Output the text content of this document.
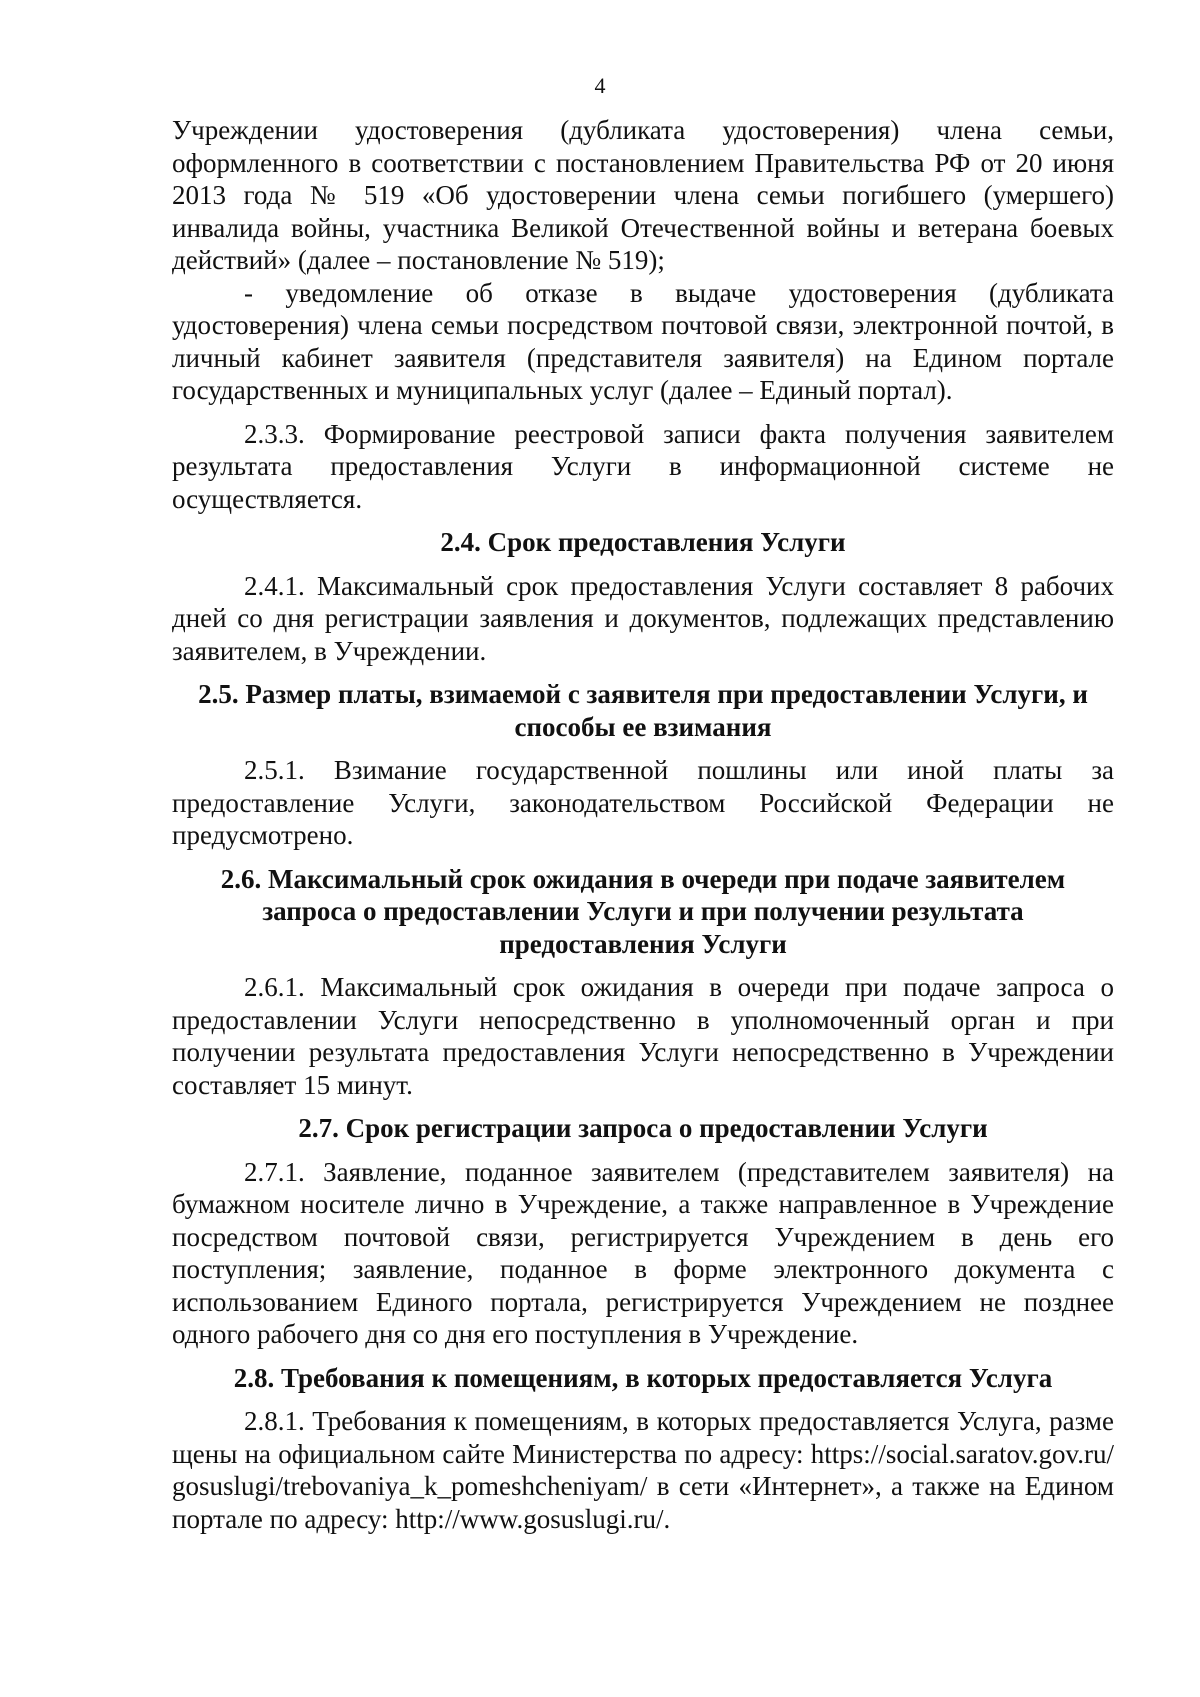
4

Учреждении удостоверения (дубликата удостоверения) члена семьи, оформленного в соответствии с постановлением Правительства РФ от 20 июня 2013 года № 519 «Об удостоверении члена семьи погибшего (умершего) инвалида войны, участника Великой Отечественной войны и ветерана боевых действий» (далее – постановление № 519);

- уведомление об отказе в выдаче удостоверения (дубликата удостоверения) члена семьи посредством почтовой связи, электронной почтой, в личный кабинет заявителя (представителя заявителя) на Едином портале государственных и муниципальных услуг (далее – Единый портал).

2.3.3. Формирование реестровой записи факта получения заявителем результата предоставления Услуги в информационной системе не осуществляется.

2.4. Срок предоставления Услуги

2.4.1. Максимальный срок предоставления Услуги составляет 8 рабочих дней со дня регистрации заявления и документов, подлежащих представлению заявителем, в Учреждении.

2.5. Размер платы, взимаемой с заявителя при предоставлении Услуги, и способы ее взимания

2.5.1. Взимание государственной пошлины или иной платы за предоставление Услуги, законодательством Российской Федерации не предусмотрено.

2.6. Максимальный срок ожидания в очереди при подаче заявителем запроса о предоставлении Услуги и при получении результата предоставления Услуги

2.6.1. Максимальный срок ожидания в очереди при подаче запроса о предоставлении Услуги непосредственно в уполномоченный орган и при получении результата предоставления Услуги непосредственно в Учреждении составляет 15 минут.

2.7. Срок регистрации запроса о предоставлении Услуги

2.7.1. Заявление, поданное заявителем (представителем заявителя) на бумажном носителе лично в Учреждение, а также направленное в Учреждение посредством почтовой связи, регистрируется Учреждением в день его поступления; заявление, поданное в форме электронного документа с использованием Единого портала, регистрируется Учреждением не позднее одного рабочего дня со дня его поступления в Учреждение.

2.8. Требования к помещениям, в которых предоставляется Услуга

2.8.1. Требования к помещениям, в которых предоставляется Услуга, размещены на официальном сайте Министерства по адресу: https://social.saratov.gov.ru/gosuslugi/trebovaniya_k_pomeshcheniyam/ в сети «Интернет», а также на Едином портале по адресу: http://www.gosuslugi.ru/.
